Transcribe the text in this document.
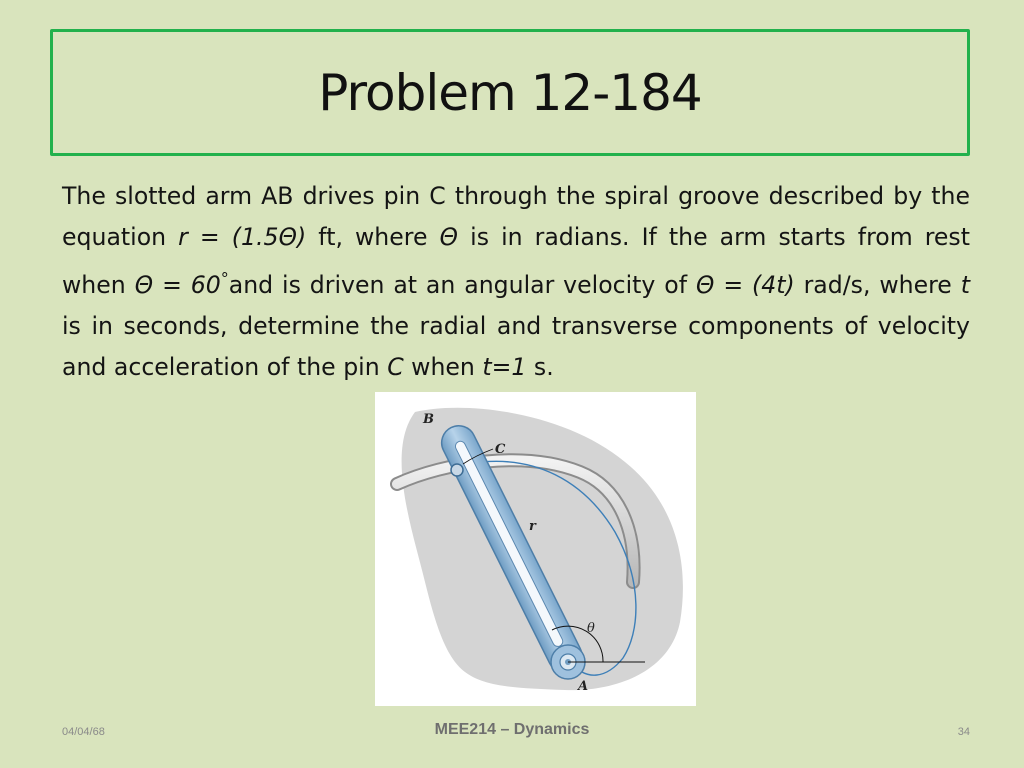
Problem 12-184
The slotted arm AB drives pin C through the spiral groove described by the equation r = (1.5Θ) ft, where Θ is in radians. If the arm starts from rest when Θ = 60°and is driven at an angular velocity of Θ = (4t) rad/s, where t is in seconds, determine the radial and transverse components of velocity and acceleration of the pin C when t=1 s.
B
C
r
θ
A
04/04/68	MEE214 – Dynamics	34
